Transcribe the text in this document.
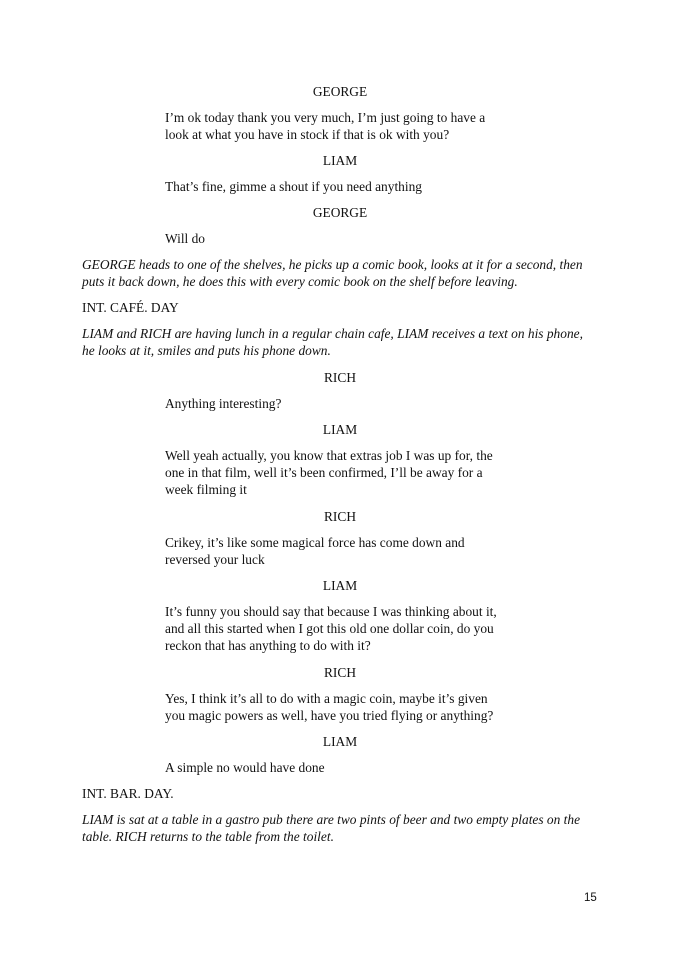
GEORGE
I’m ok today thank you very much, I’m just going to have a
look at what you have in stock if that is ok with you?
LIAM
That’s fine, gimme a shout if you need anything
GEORGE
Will do
GEORGE heads to one of the shelves, he picks up a comic book, looks at it for a second, then
puts it back down, he does this with every comic book on the shelf before leaving.
INT. CAFÉ. DAY
LIAM and RICH are having lunch in a regular chain cafe, LIAM receives a text on his phone,
he looks at it, smiles and puts his phone down.
RICH
Anything interesting?
LIAM
Well yeah actually, you know that extras job I was up for, the
one in that film, well it’s been confirmed, I’ll be away for a
week filming it
RICH
Crikey, it’s like some magical force has come down and
reversed your luck
LIAM
It’s funny you should say that because I was thinking about it,
and all this started when I got this old one dollar coin, do you
reckon that has anything to do with it?
RICH
Yes, I think it’s all to do with a magic coin, maybe it’s given
you magic powers as well, have you tried flying or anything?
LIAM
A simple no would have done
INT. BAR. DAY.
LIAM is sat at a table in a gastro pub there are two pints of beer and two empty plates on the
table. RICH returns to the table from the toilet.
15
